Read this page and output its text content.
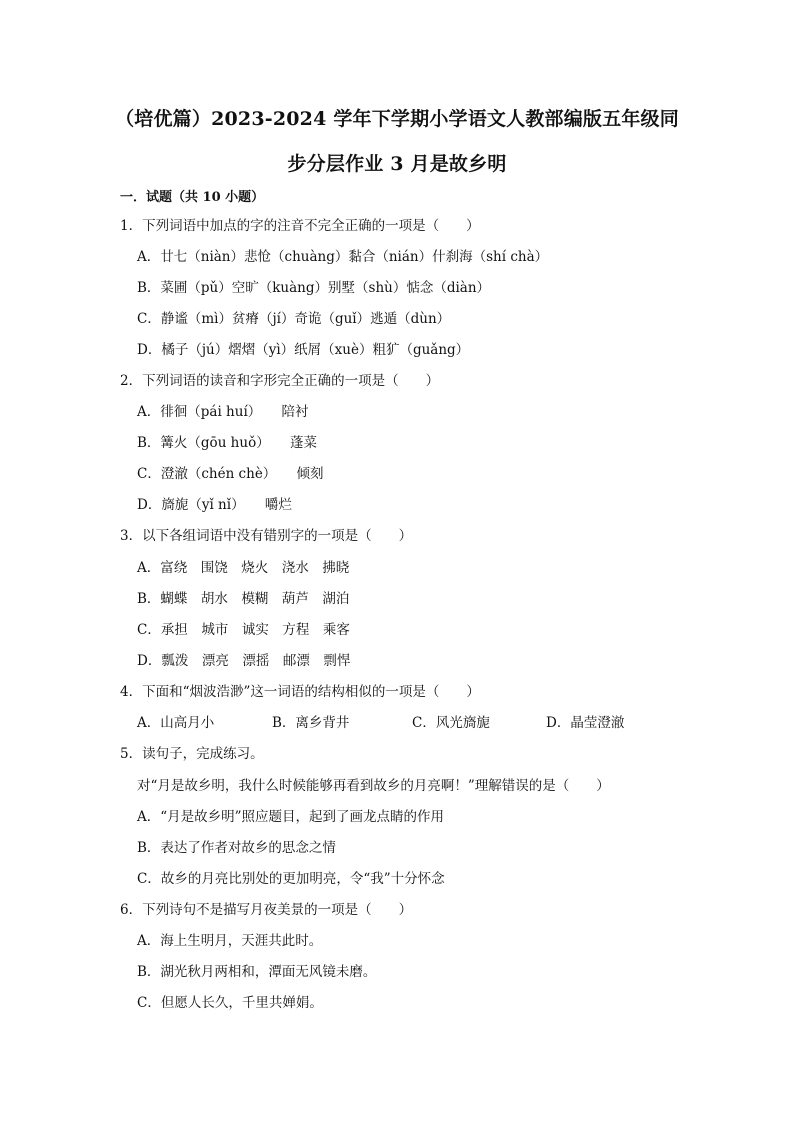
（培优篇）2023-2024 学年下学期小学语文人教部编版五年级同
步分层作业 3 月是故乡明
一．试题（共 10 小题）
1．下列词语中加点的字的注音不完全正确的一项是（　　）
A．廿七（niàn）悲怆（chuàng）黏合（nián）什刹海（shí chà）
B．菜圃（pǔ）空旷（kuàng）别墅（shù）惦念（diàn）
C．静谧（mì）贫瘠（jí）奇诡（guǐ）逃遁（dùn）
D．橘子（jú）熠熠（yì）纸屑（xuè）粗犷（guǎng）
2．下列词语的读音和字形完全正确的一项是（　　）
A．徘徊（pái huí）　　陪衬
B．篝火（gōu huǒ）　　蓬菜
C．澄澈（chén chè）　　倾刻
D．旖旎（yǐ nǐ）　　嚼烂
3．以下各组词语中没有错别字的一项是（　　）
A．富绕　围饶　烧火　浇水　拂晓
B．蝴蝶　胡水　模糊　葫芦　湖泊
C．承担　城市　诚实　方程　乘客
D．瓢泼　漂亮　漂摇　邮漂　剽悍
4．下面和“烟波浩渺”这一词语的结构相似的一项是（　　）
A．山高月小	B．离乡背井	C．风光旖旎	D．晶莹澄澈
5．读句子，完成练习。
对“月是故乡明，我什么时候能够再看到故乡的月亮啊！”理解错误的是（　　）
A．“月是故乡明”照应题目，起到了画龙点睛的作用
B．表达了作者对故乡的思念之情
C．故乡的月亮比别处的更加明亮，令“我”十分怀念
6．下列诗句不是描写月夜美景的一项是（　　）
A．海上生明月，天涯共此时。
B．湖光秋月两相和，潭面无风镜未磨。
C．但愿人长久，千里共婵娟。
